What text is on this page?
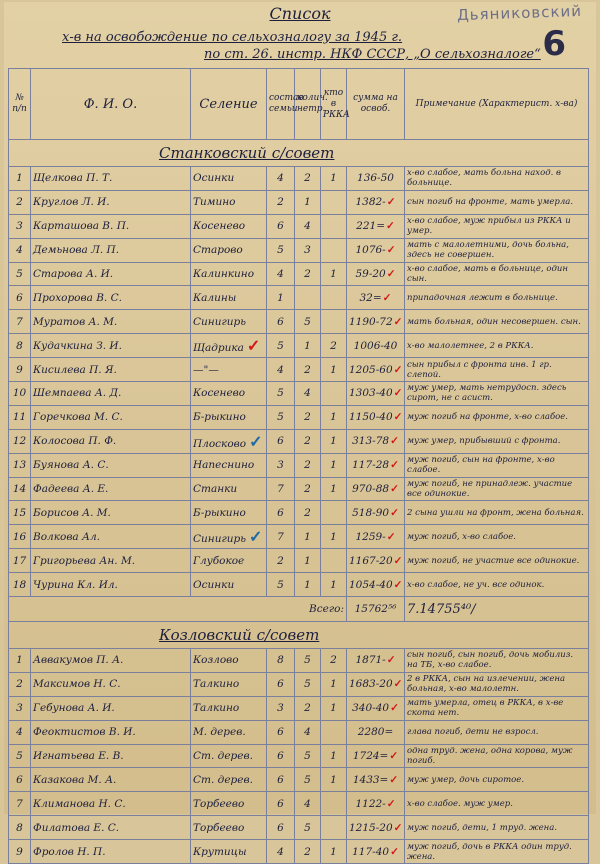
Дьяниковский
6
Список
х-в на освобождение по сельхозналогу за 1945 г.
по ст. 26. инстр. НКФ СССР, „О сельхозналоге“
№ п/п	Ф. И. О.	Селение	состав семьи	колич. нетр.	кто в РККА	сумма на освоб.	Примечание (Характерист. х-ва)
Станковский с/совет							
1	Щелкова П. Т.	Осинки	4	2	1	136-50	х-во слабое, мать больна наход. в больнице.
2	Круглов Л. И.	Тимино	2	1		1382-✓	сын погиб на фронте, мать умерла.
3	Карташова В. П.	Косенево	6	4		221=✓	х-во слабое, муж прибыл из РККА и умер.
4	Демьнова Л. П.	Старово	5	3		1076-✓	мать с малолетними, дочь больна, здесь не совершен.
5	Старова А. И.	Калинкино	4	2	1	59-20✓	х-во слабое, мать в больнице, один сын.
6	Прохорова В. С.	Калины	1			32=✓	припадочная лежит в больнице.
7	Муратов А. М.	Синигирь	6	5		1190-72✓	мать больная, один несовершен. сын.
8	Кудачкина З. И.	Щадрика ✓	5	1	2	1006-40	х-во малолетнее, 2 в РККА.
9	Кисилева П. Я.	—"—	4	2	1	1205-60✓	сын прибыл с фронта инв. 1 гр. слепой.
10	Шемпаева А. Д.	Косенево	5	4		1303-40✓	муж умер, мать нетрудосп. здесь сирот, не с асист.
11	Горечкова М. С.	Б-рыкино	5	2	1	1150-40✓	муж погиб на фронте, х-во слабое.
12	Колосова П. Ф.	Плосково ✓	6	2	1	313-78✓	муж умер, прибывший с фронта.
13	Буянова А. С.	Напеснино	3	2	1	117-28✓	муж погиб, сын на фронте, х-во слабое.
14	Фадеева А. Е.	Станки	7	2	1	970-88✓	муж погиб, не принадлеж. участие все одинокие.
15	Борисов А. М.	Б-рыкино	6	2		518-90✓	2 сына ушли на фронт, жена больная.
16	Волкова Ал.	Синигирь ✓	7	1	1	1259-✓	муж погиб, х-во слабое.
17	Григорьева Ан. М.	Глубокое	2	1		1167-20✓	муж погиб, не участие все одинокие.
18	Чурина Кл. Ил.	Осинки	5	1	1	1054-40✓	х-во слабое, не уч. все одинок.
Всего:						15762⁵⁶	7.14755⁴⁰/
Козловский с/совет							
1	Аввакумов П. А.	Козлово	8	5	2	1871-✓	сын погиб, сын погиб, дочь мобилиз. на ТБ, х-во слабое.
2	Максимов Н. С.	Талкино	6	5	1	1683-20✓	2 в РККА, сын на излечении, жена больная, х-во малолетн.
3	Гебунова А. И.	Талкино	3	2	1	340-40✓	мать умерла, отец в РККА, в х-ве скота нет.
4	Феоктистов В. И.	М. дерев.	6	4		2280=	глава погиб, дети не взросл.
5	Игнатьева Е. В.	Ст. дерев.	6	5	1	1724=✓	одна труд. жена, одна корова, муж погиб.
6	Казакова М. А.	Ст. дерев.	6	5	1	1433=✓	муж умер, дочь сиротое.
7	Климанова Н. С.	Торбеево	6	4		1122-✓	х-во слабое. муж умер.
8	Филатова Е. С.	Торбеево	6	5		1215-20✓	муж погиб, дети, 1 труд. жена.
9	Фролов Н. П.	Крутицы	4	2	1	117-40✓	муж погиб, дочь в РККА один труд. жена.
